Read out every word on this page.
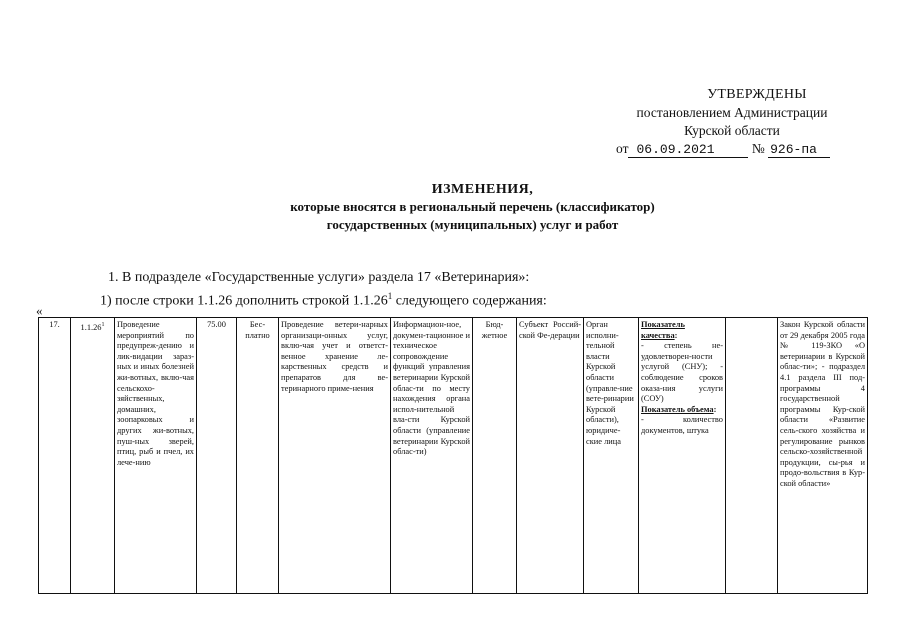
УТВЕРЖДЕНЫ
постановлением Администрации
Курской области
от 06.09.2021	№ 926-па
ИЗМЕНЕНИЯ,
которые вносятся в региональный перечень (классификатор)
государственных (муниципальных) услуг и работ
1. В подразделе «Государственные услуги» раздела 17 «Ветеринария»:
1) после строки 1.1.26 дополнить строкой 1.1.26$^1$ следующего содержания:
«
17.	1.1.26$^1$	Проведение мероприятий по предупреж-дению и лик-видации зараз-ных и иных болезней жи-вотных, вклю-чая сельскохо-зяйственных, домашних, зоопарковых и других жи-вотных, пуш-ных зверей, птиц, рыб и пчел, их лече-нию	75.00	Бес-платно	Проведение ветери-нарных организаци-онных услуг, вклю-чая учет и ответст-венное хранение ле-карственных средств и препаратов для ве-теринарного приме-нения	Информацион-ное, докумен-тационное и техническое сопровождение функций управления ветеринарии Курской облас-ти по месту нахождения органа испол-нительной вла-сти Курской области (управление ветеринарии Курской облас-ти)	Бюд-жетное	Субъект Россий-ской Фе-дерации	Орган исполни-тельной власти Курской области (управле-ние вете-ринарии Курской области), юридиче-ские лица	Показатель качества:
- степень не-удовлетворен-ности услугой (СНУ); - соблюдение сроков оказа-ния услуги (СОУ)
Показатель объема:
- количество документов, штука
		Закон Курской области от 29 декабря 2005 года № 119-ЗКО «О ветеринарии в Курской облас-ти»; - подраздел 4.1 раздела III под-программы 4 государственной программы Кур-ской области «Развитие сель-ского хозяйства и регулирование рынков сельско-хозяйственной продукции, сы-рья и продо-вольствия в Кур-ской области»
